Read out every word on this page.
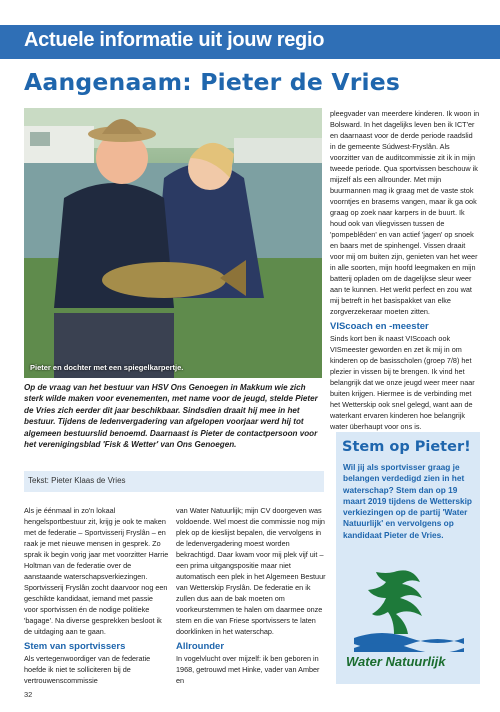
Actuele informatie uit jouw regio
Aangenaam: Pieter de Vries
Pieter en dochter met een spiegelkarpertje.

Op de vraag van het bestuur van HSV Ons Genoegen in Makkum wie zich sterk wilde maken voor evenementen, met name voor de jeugd, stelde Pieter de Vries zich eerder dit jaar beschikbaar. Sindsdien draait hij mee in het bestuur. Tijdens de ledenvergadering van afgelopen voorjaar werd hij tot algemeen bestuurslid benoemd. Daarnaast is Pieter de contactpersoon voor het verenigingsblad 'Fisk & Wetter' van Ons Genoegen.

Tekst: Pieter Klaas de Vries

pleegvader van meerdere kinderen. Ik woon in Bolsward. In het dagelijks leven ben ik ICT'er en daarnaast voor de derde periode raadslid in de gemeente Súdwest-Fryslân. Als voorzitter van de auditcommissie zit ik in mijn tweede periode. Qua sportvissen beschouw ik mijzelf als een allrounder. Met mijn buurmannen mag ik graag met de vaste stok voorntjes en brasems vangen, maar ik ga ook graag op zoek naar karpers in de buurt. Ik houd ook van vliegvissen tussen de 'pompeblêden' en van actief 'jagen' op snoek en baars met de spinhengel. Vissen draait voor mij om buiten zijn, genieten van het weer in alle soorten, mijn hoofd leegmaken en mijn batterij opladen om de dagelijkse sleur weer aan te kunnen. Het werkt perfect en zou wat mij betreft in het basispakket van elke zorgverzekeraar moeten zitten.

VIScoach en -meester

Sinds kort ben ik naast VIScoach ook VISmeester geworden en zet ik mij in om kinderen op de basisscholen (groep 7/8) het plezier in vissen bij te brengen. Ik vind het belangrijk dat we onze jeugd weer meer naar buiten krijgen. Hiermee is de verbinding met het Wetterskip ook snel gelegd, want aan de waterkant ervaren kinderen hoe belangrijk water überhaupt voor ons is.

Als je éénmaal in zo'n lokaal hengelsportbestuur zit, krijg je ook te maken met de federatie – Sportvisserij Fryslân – en raak je met nieuwe mensen in gesprek. Zo sprak ik begin vorig jaar met voorzitter Harrie Holtman van de federatie over de aanstaande waterschapsverkiezingen. Sportvisserij Fryslân zocht daarvoor nog een geschikte kandidaat, iemand met passie voor sportvissen én de nodige politieke 'bagage'. Na diverse gesprekken besloot ik de uitdaging aan te gaan.

Stem van sportvissers

Als vertegenwoordiger van de federatie hoefde ik niet te solliciteren bij de vertrouwenscommissie

van Water Natuurlijk; mijn CV doorgeven was voldoende. Wel moest die commissie nog mijn plek op de kieslijst bepalen, die vervolgens in de ledenvergadering moest worden bekrachtigd. Daar kwam voor mij plek vijf uit – een prima uitgangspositie maar niet automatisch een plek in het Algemeen Bestuur van Wetterskip Fryslân. De federatie en ik zullen dus aan de bak moeten om voorkeurstemmen te halen om daarmee onze stem en die van Friese sportvissers te laten doorklinken in het waterschap.

Allrounder

In vogelvlucht over mijzelf: ik ben geboren in 1968, getrouwd met Hinke, vader van Amber en

Stem op Pieter!

Wil jij als sportvisser graag je belangen verdedigd zien in het waterschap? Stem dan op 19 maart 2019 tijdens de Wetterskip verkiezingen op de partij 'Water Natuurlijk' en vervolgens op kandidaat Pieter de Vries.

Water Natuurlijk
32
